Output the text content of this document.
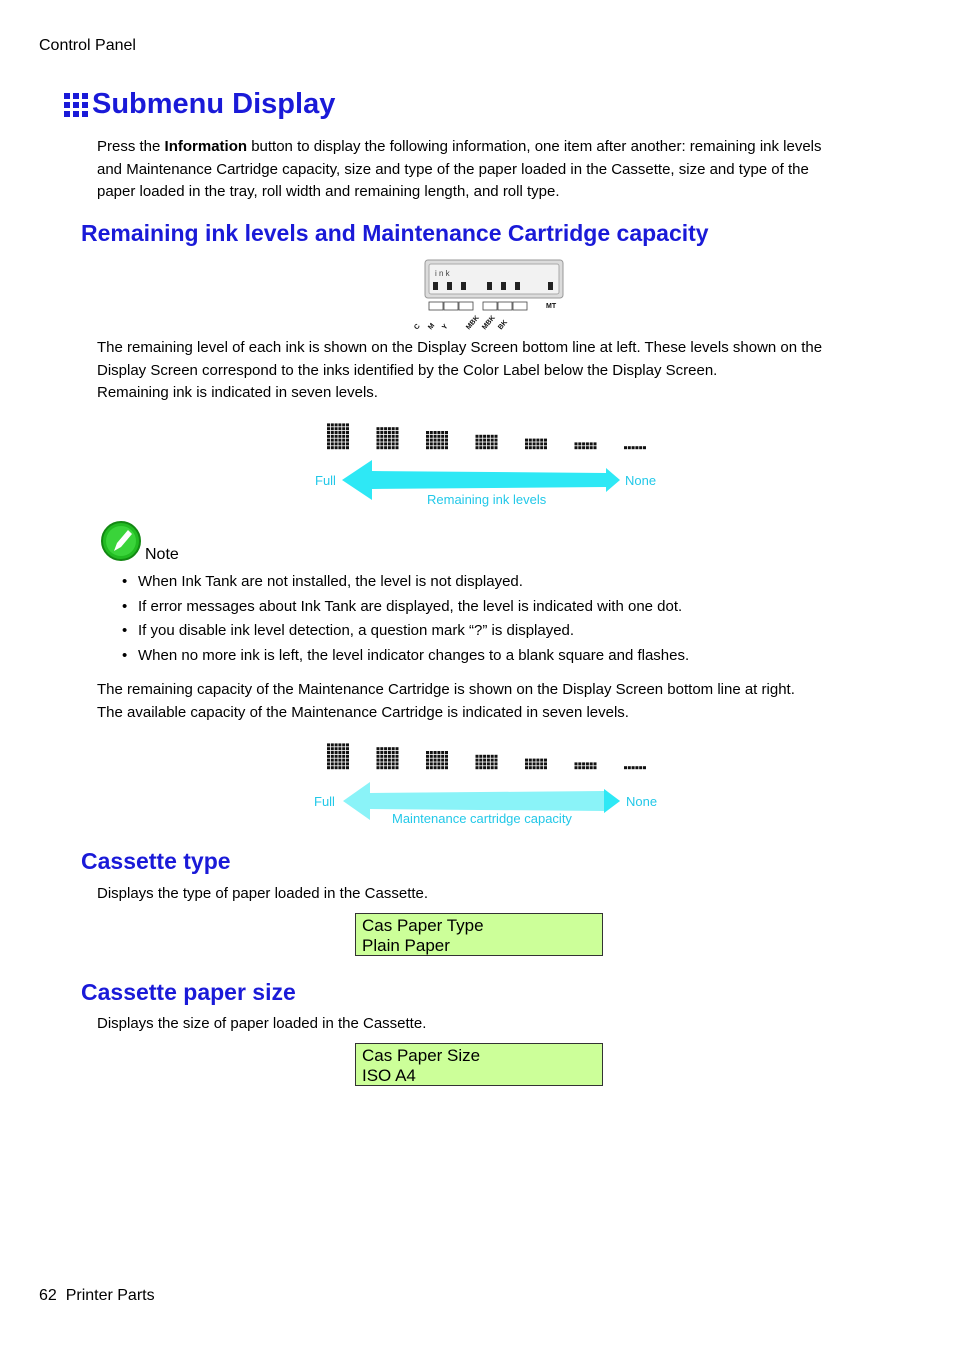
Control Panel
Submenu Display
Press the Information button to display the following information, one item after another: remaining ink levels
and Maintenance Cartridge capacity, size and type of the paper loaded in the Cassette, size and type of the
paper loaded in the tray, roll width and remaining length, and roll type.
Remaining ink levels and Maintenance Cartridge capacity
i n k
C M Y MBK MBK BK
MT
The remaining level of each ink is shown on the Display Screen bottom line at left. These levels shown on the
Display Screen correspond to the inks identified by the Color Label below the Display Screen.
Remaining ink is indicated in seven levels.
Full	None
Remaining ink levels
Note
• When Ink Tank are not installed, the level is not displayed.
• If error messages about Ink Tank are displayed, the level is indicated with one dot.
• If you disable ink level detection, a question mark “?” is displayed.
• When no more ink is left, the level indicator changes to a blank square and flashes.
The remaining capacity of the Maintenance Cartridge is shown on the Display Screen bottom line at right.
The available capacity of the Maintenance Cartridge is indicated in seven levels.
Full	None
Maintenance cartridge capacity
Cassette type
Displays the type of paper loaded in the Cassette.
Cas Paper Type
Plain Paper
Cassette paper size
Displays the size of paper loaded in the Cassette.
Cas Paper Size
ISO A4
62 Printer Parts
